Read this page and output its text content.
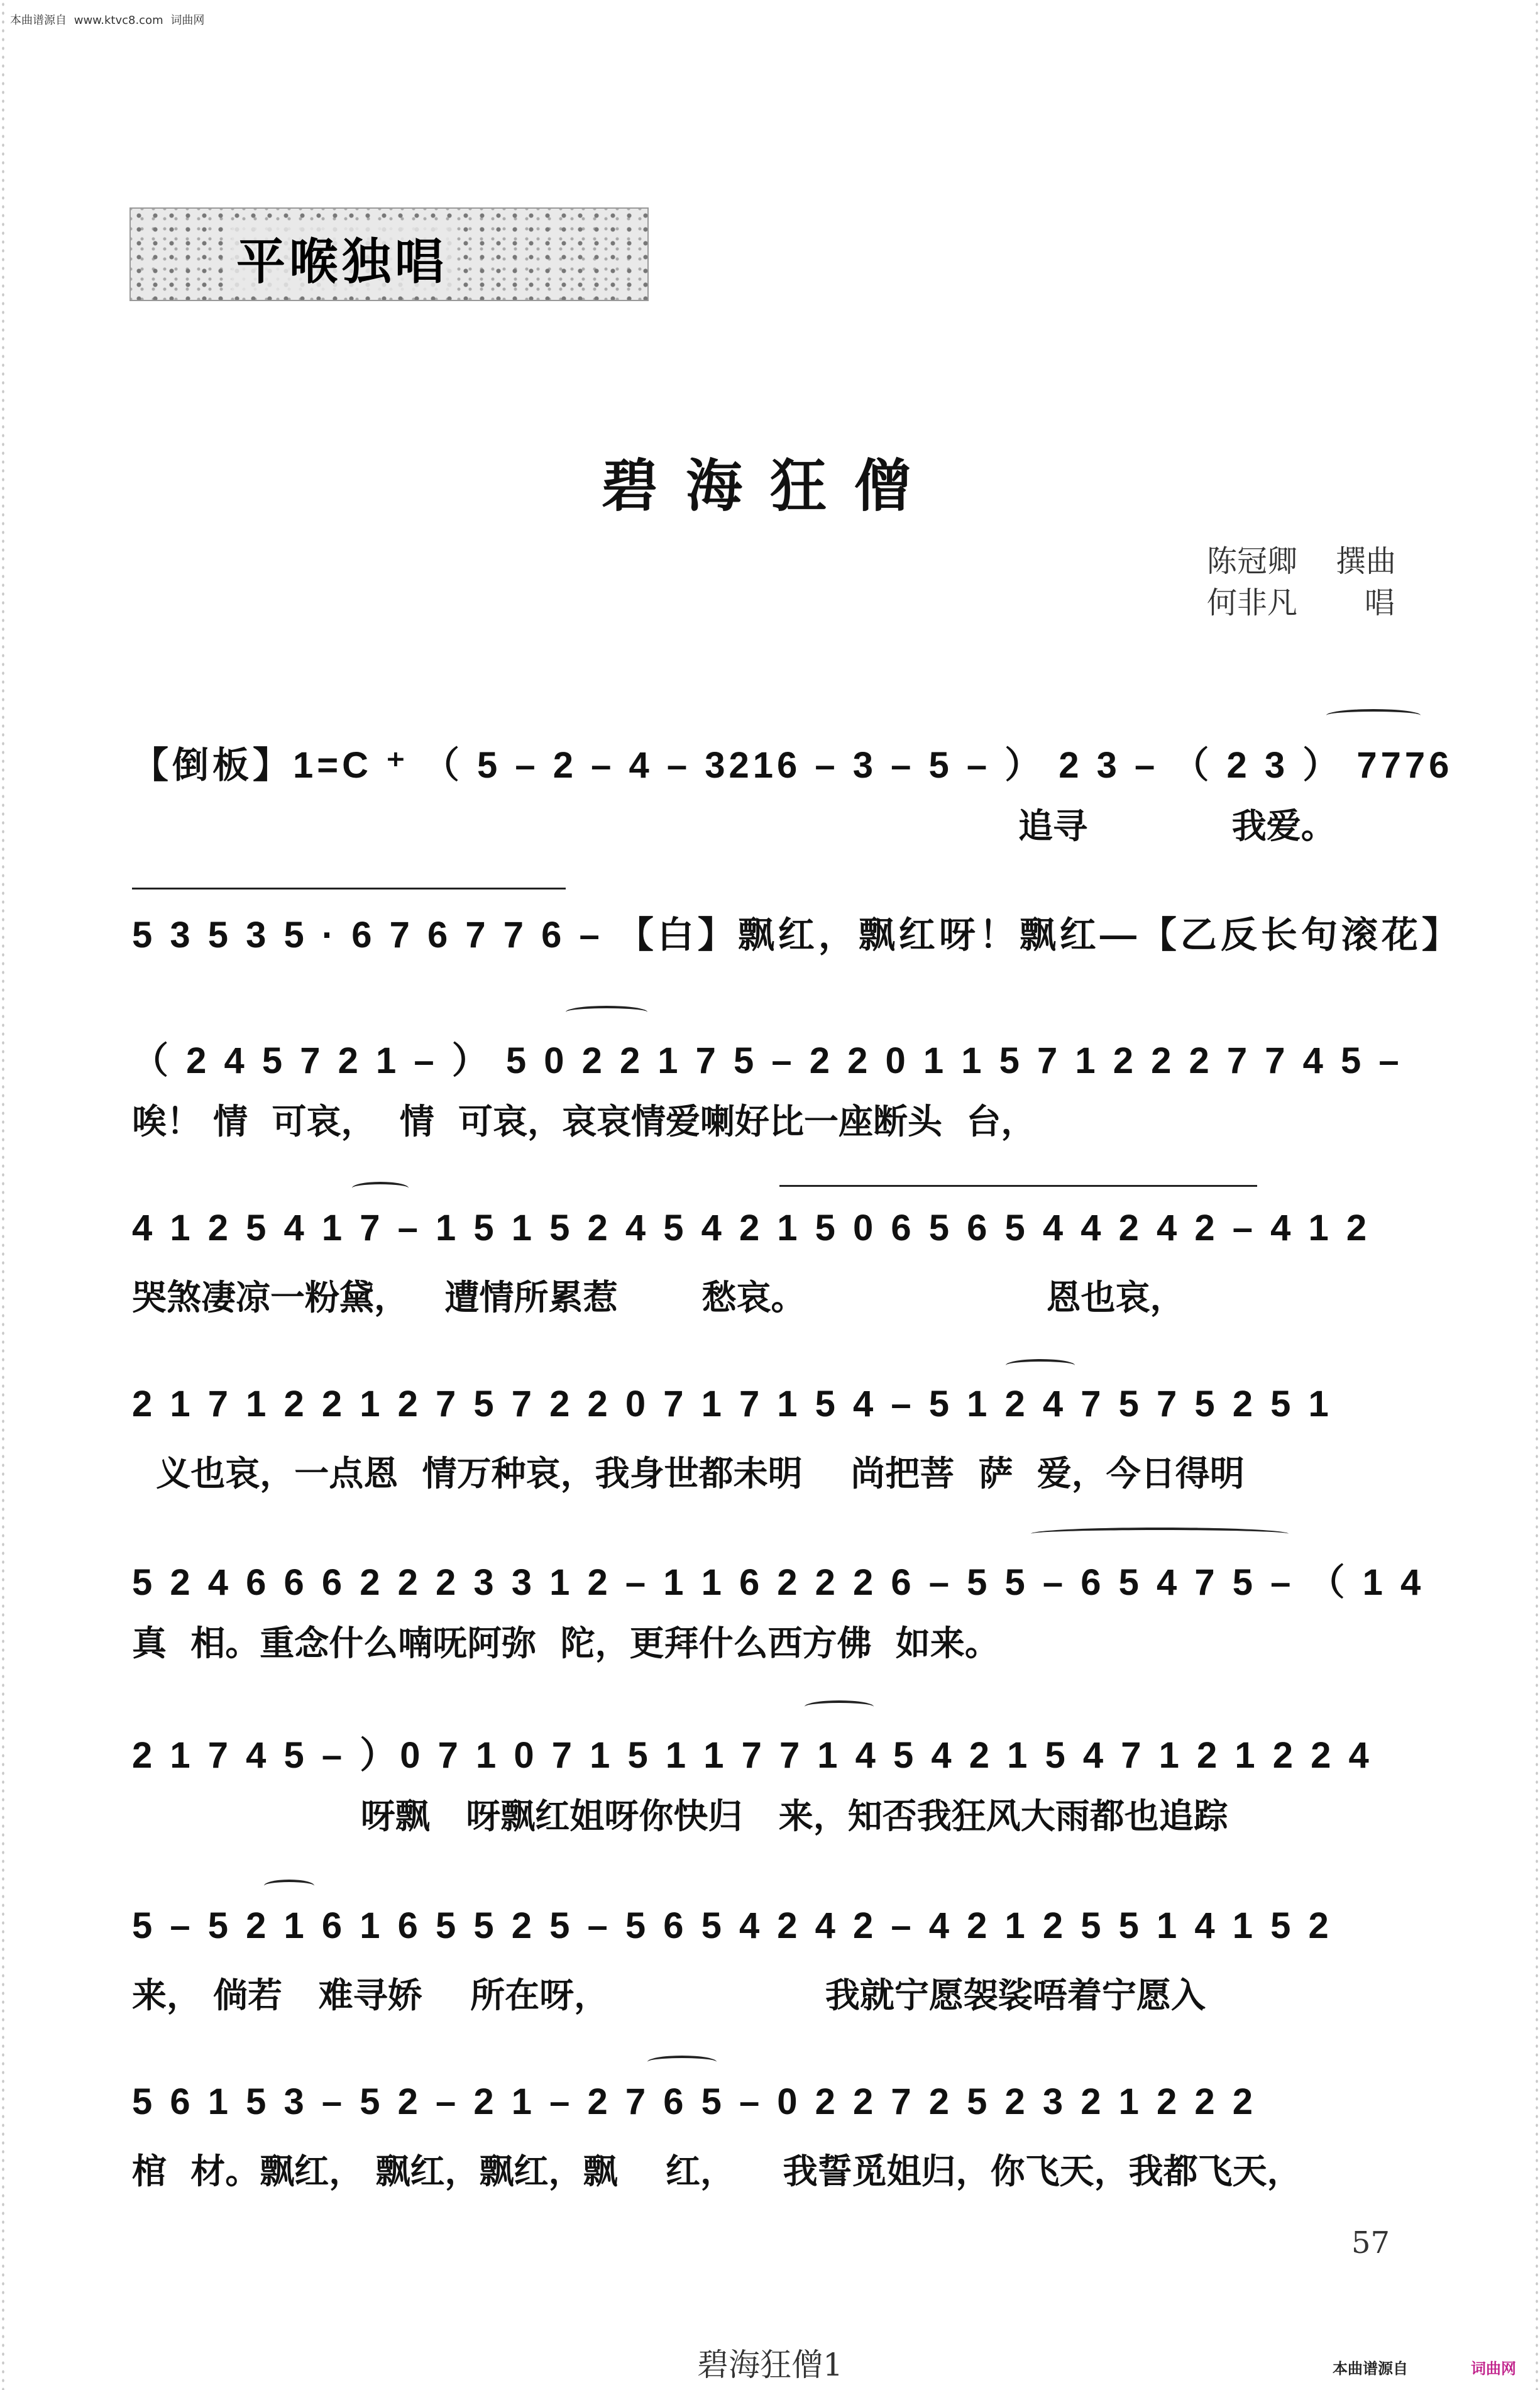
本曲谱源自 www.ktvc8.com 词曲网
平喉独唱
碧海狂僧
陈冠卿 撰曲
何非凡 唱
【倒板】1=C ⁺ （ 5 – 2 – 4 – 3216 – 3 – 5 – ） 2 3 – （ 2 3 ） 7776
追寻            我爱。
5 3 5 3 5 · 6 7 6 7 7 6 – 【白】飘红，飘红呀！飘红—【乙反长句滚花】
（ 2 4 5 7 2 1 – ） 5 0 2 2 1 7 5 – 2 2 0 1 1 5 7 1 2 2 2 7 7 4 5 –
唉！ 情  可哀，  情  可哀，哀哀情爱喇好比一座断头  台，
4 1 2 5 4 1 7 – 1 5 1 5 2 4 5 4 2 1 5 0 6 5 6 5 4 4 2 4 2 – 4 1 2
哭煞凄凉一粉黛，   遭情所累惹       愁哀。                    恩也哀，
2 1 7 1 2 2 1 2 7 5 7 2 2 0 7 1 7 1 5 4 – 5 1 2 4 7 5 7 5 2 5 1
义也哀，一点恩  情万种哀，我身世都未明    尚把菩  萨  爱，今日得明
5 2 4 6 6 6 2 2 2 3 3 1 2 – 1 1 6 2 2 2 6 – 5 5 – 6 5 4 7 5 – （ 1 4
真  相。重念什么喃呒阿弥  陀，更拜什么西方佛  如来。
2 1 7 4 5 – ）0 7 1 0 7 1 5 1 1 7 7 1 4 5 4 2 1 5 4 7 1 2 1 2 2 4
呀飘   呀飘红姐呀你快归   来，知否我狂风大雨都也追踪
5 – 5 2 1 6 1 6 5 5 2 5 – 5 6 5 4 2 4 2 – 4 2 1 2 5 5 1 4 1 5 2
来， 倘若   难寻娇    所在呀，                  我就宁愿袈裟唔着宁愿入
5 6 1 5 3 – 5 2 – 2 1 – 2 7 6 5 – 0 2 2 7 2 5 2 3 2 1 2 2 2
棺  材。飘红， 飘红，飘红，飘    红，    我誓觅姐归，你飞天，我都飞天，
57
碧海狂僧1	本曲谱源自	词曲网
